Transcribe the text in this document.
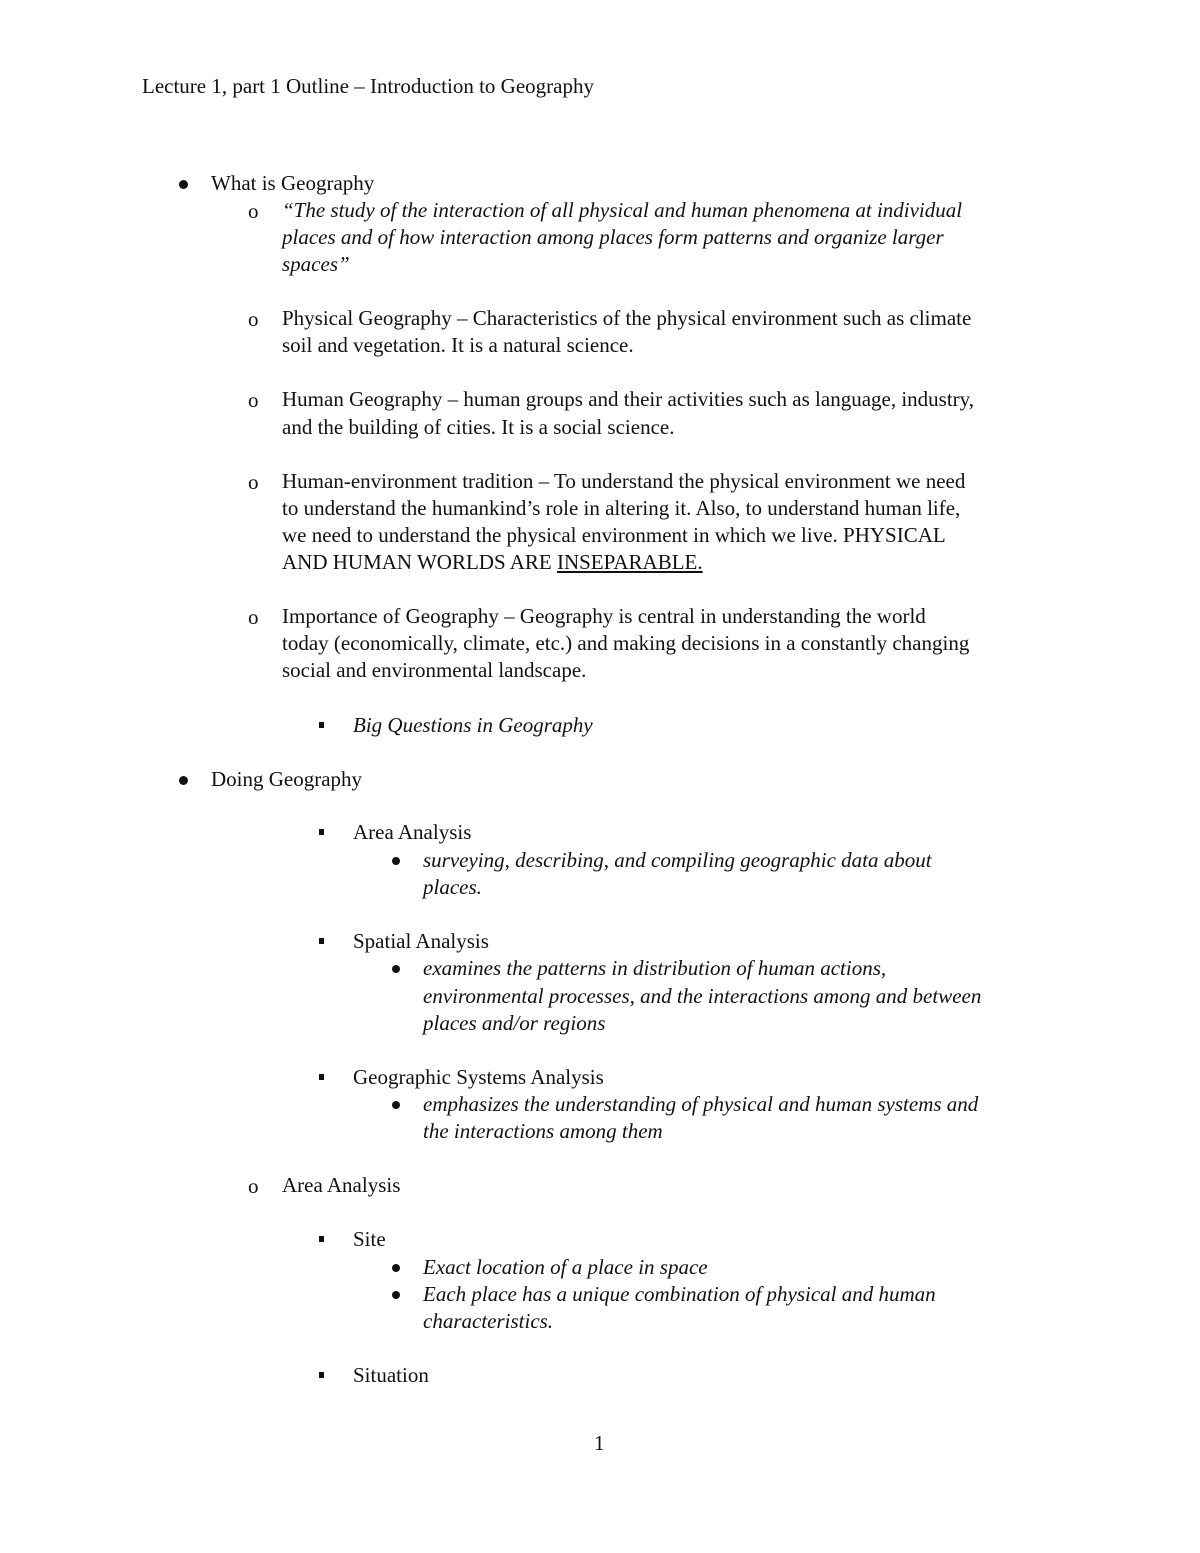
Lecture 1, part 1 Outline – Introduction to Geography
What is Geography
o “The study of the interaction of all physical and human phenomena at individual
places and of how interaction among places form patterns and organize larger
spaces”
o Physical Geography – Characteristics of the physical environment such as climate
soil and vegetation. It is a natural science.
o Human Geography – human groups and their activities such as language, industry,
and the building of cities. It is a social science.
o Human-environment tradition – To understand the physical environment we need
to understand the humankind’s role in altering it. Also, to understand human life,
we need to understand the physical environment in which we live. PHYSICAL
AND HUMAN WORLDS ARE INSEPARABLE.
o Importance of Geography – Geography is central in understanding the world
today (economically, climate, etc.) and making decisions in a constantly changing
social and environmental landscape.
Big Questions in Geography
Doing Geography
Area Analysis
surveying, describing, and compiling geographic data about
places.
Spatial Analysis
examines the patterns in distribution of human actions,
environmental processes, and the interactions among and between
places and/or regions
Geographic Systems Analysis
emphasizes the understanding of physical and human systems and
the interactions among them
o Area Analysis
Site
Exact location of a place in space
Each place has a unique combination of physical and human
characteristics.
Situation
1
